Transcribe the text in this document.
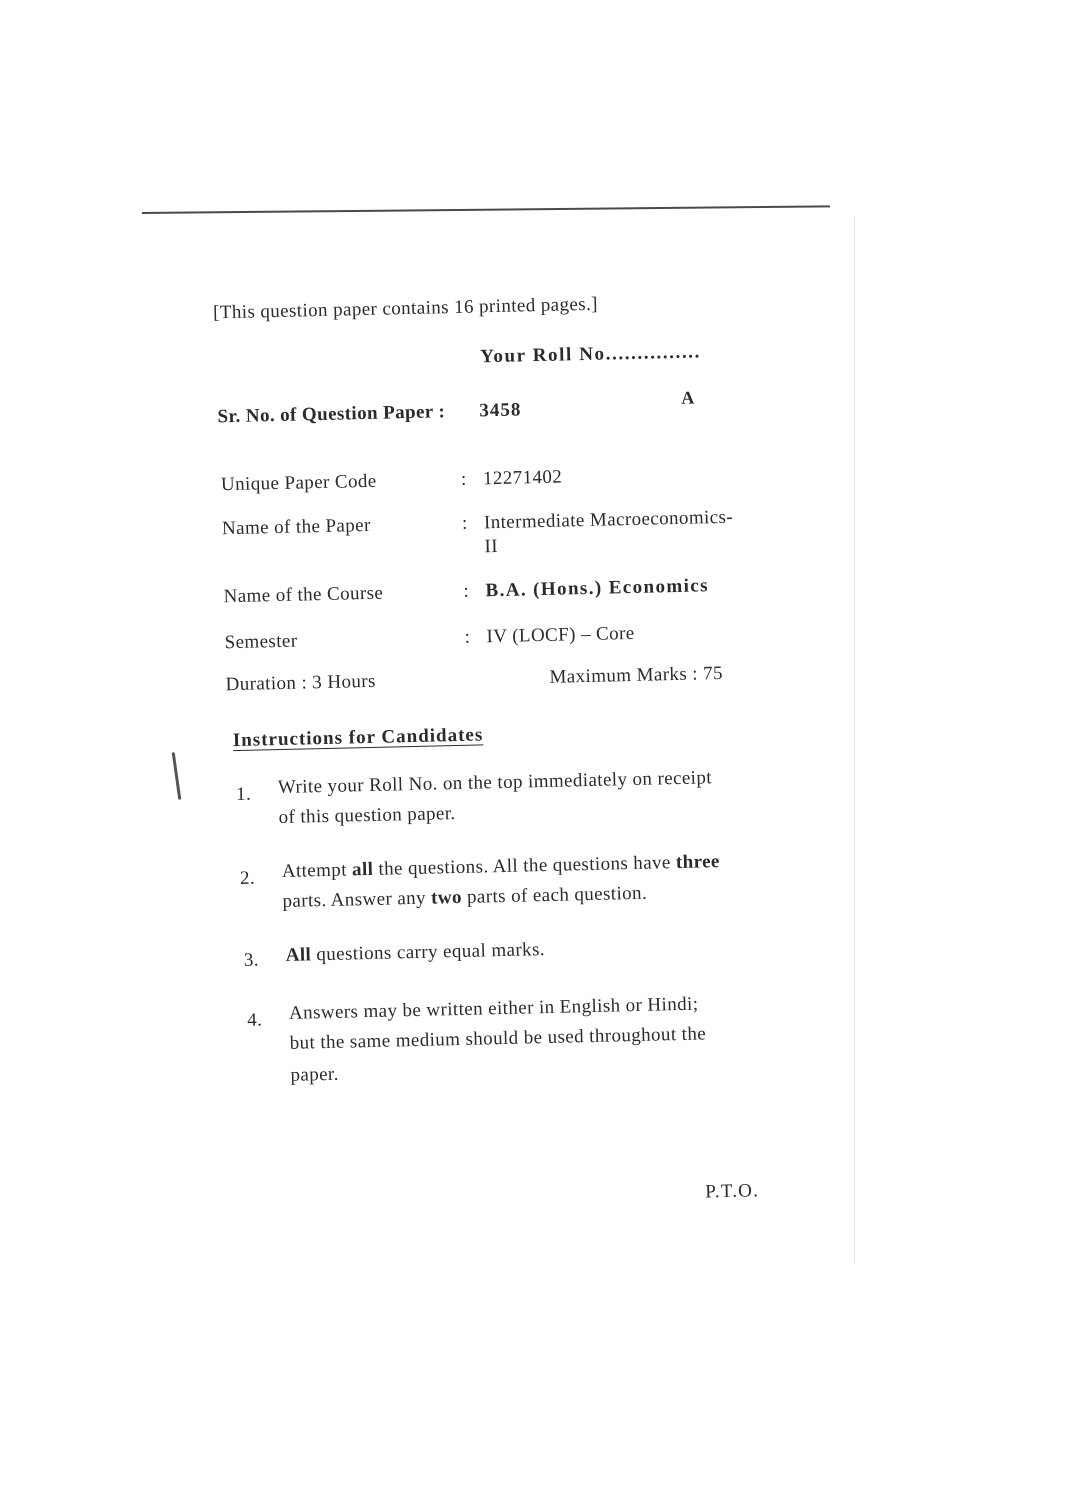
[This question paper contains 16 printed pages.]
Your Roll No...............
Sr. No. of Question Paper : 3458
A
Unique Paper Code	: 12271402
Name of the Paper	: Intermediate Macroeconomics-
II
Name of the Course	: B.A. (Hons.) Economics
Semester	: IV (LOCF) – Core
Duration : 3 Hours	Maximum Marks : 75
Instructions for Candidates
1. Write your Roll No. on the top immediately on receipt
of this question paper.
2. Attempt all the questions. All the questions have three
parts. Answer any two parts of each question.
3. All questions carry equal marks.
4. Answers may be written either in English or Hindi;
but the same medium should be used throughout the
paper.
P.T.O.
